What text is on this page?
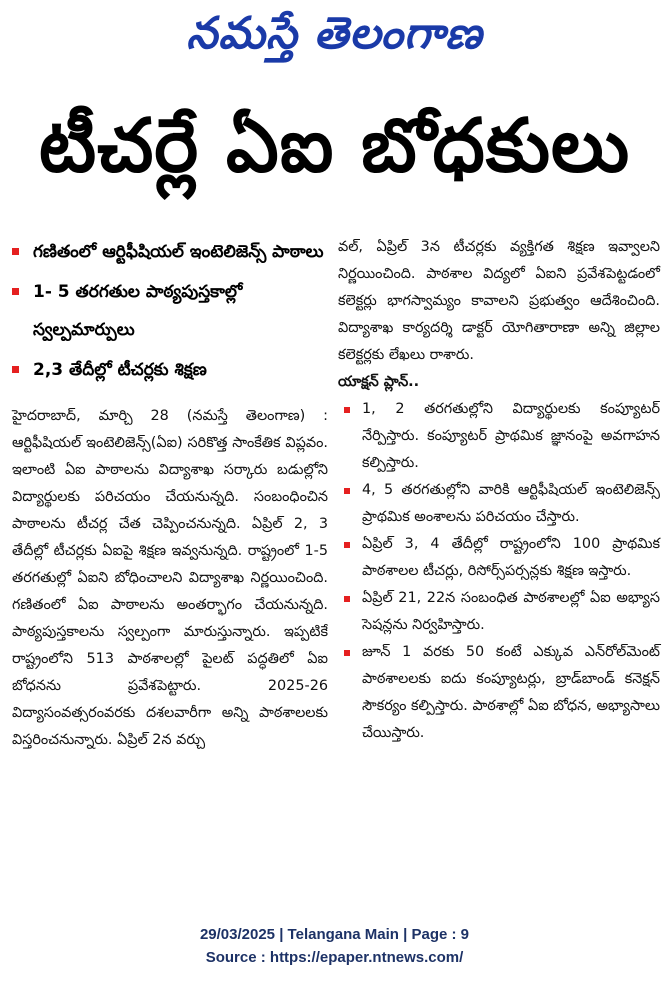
నమస్తే తెలంగాణ
టీచర్లే ఏఐ బోధకులు
గణితంలో ఆర్టిఫీషియల్ ఇంటెలిజెన్స్ పాఠాలు
1- 5 తరగతుల పాఠ్యపుస్తకాల్లో స్వల్పమార్పులు
2,3 తేదీల్లో టీచర్లకు శిక్షణ
హైదరాబాద్, మార్చి 28 (నమస్తే తెలంగాణ) : ఆర్టిఫీషియల్ ఇంటెలిజెన్స్(ఏఐ) సరికొత్త సాంకేతిక విప్లవం. ఇలాంటి ఏఐ పాఠాలను విద్యాశాఖ సర్కారు బడుల్లోని విద్యార్థులకు పరిచయం చేయనున్నది. సంబంధించిన పాఠాలను టీచర్ల చేత చెప్పించనున్నది. ఏప్రిల్ 2, 3 తేదీల్లో టీచర్లకు ఏఐపై శిక్షణ ఇవ్వనున్నది. రాష్ట్రంలో 1-5 తరగతుల్లో ఏఐని బోధించాలని విద్యాశాఖ నిర్ణయించింది. గణితంలో ఏఐ పాఠాలను అంతర్భాగం చేయనున్నది. పాఠ్యపుస్తకాలను స్వల్పంగా మారుస్తున్నారు. ఇప్పటికే రాష్ట్రంలోని 513 పాఠశాలల్లో పైలట్ పద్ధతిలో ఏఐ బోధనను ప్రవేశపెట్టారు. 2025-26 విద్యాసంవత్సరంవరకు దశలవారీగా అన్ని పాఠశాలలకు విస్తరించనున్నారు. ఏప్రిల్ 2న వర్చు
వల్, ఏప్రిల్ 3న టీచర్లకు వ్యక్తిగత శిక్షణ ఇవ్వాలని నిర్ణయించింది. పాఠశాల విద్యలో ఏఐని ప్రవేశపెట్టడంలో కలెక్టర్లు భాగస్వామ్యం కావాలని ప్రభుత్వం ఆదేశించింది. విద్యాశాఖ కార్యదర్శి డాక్టర్ యోగితారాణా అన్ని జిల్లాల కలెక్టర్లకు లేఖలు రాశారు.
యాక్షన్ ప్లాన్..
1, 2 తరగతుల్లోని విద్యార్థులకు కంప్యూటర్ నేర్పిస్తారు. కంప్యూటర్ ప్రాథమిక జ్ఞానంపై అవగాహన కల్పిస్తారు.
4, 5 తరగతుల్లోని వారికి ఆర్టిఫీషియల్ ఇంటెలిజెన్స్ ప్రాథమిక అంశాలను పరిచయం చేస్తారు.
ఏప్రిల్ 3, 4 తేదీల్లో రాష్ట్రంలోని 100 ప్రాథమిక పాఠశాలల టీచర్లు, రిసోర్స్‌పర్సన్లకు శిక్షణ ఇస్తారు.
ఏప్రిల్ 21, 22న సంబంధిత పాఠశాలల్లో ఏఐ అభ్యాస సెషన్లను నిర్వహిస్తారు.
జూన్ 1 వరకు 50 కంటే ఎక్కువ ఎన్‌రోల్‌మెంట్ పాఠశాలలకు ఐదు కంప్యూటర్లు, బ్రాడ్‌బాండ్ కనెక్షన్ సౌకర్యం కల్పిస్తారు. పాఠశాల్లో ఏఐ బోధన, అభ్యాసాలు చేయిస్తారు.
29/03/2025 | Telangana Main | Page : 9
Source : https://epaper.ntnews.com/
